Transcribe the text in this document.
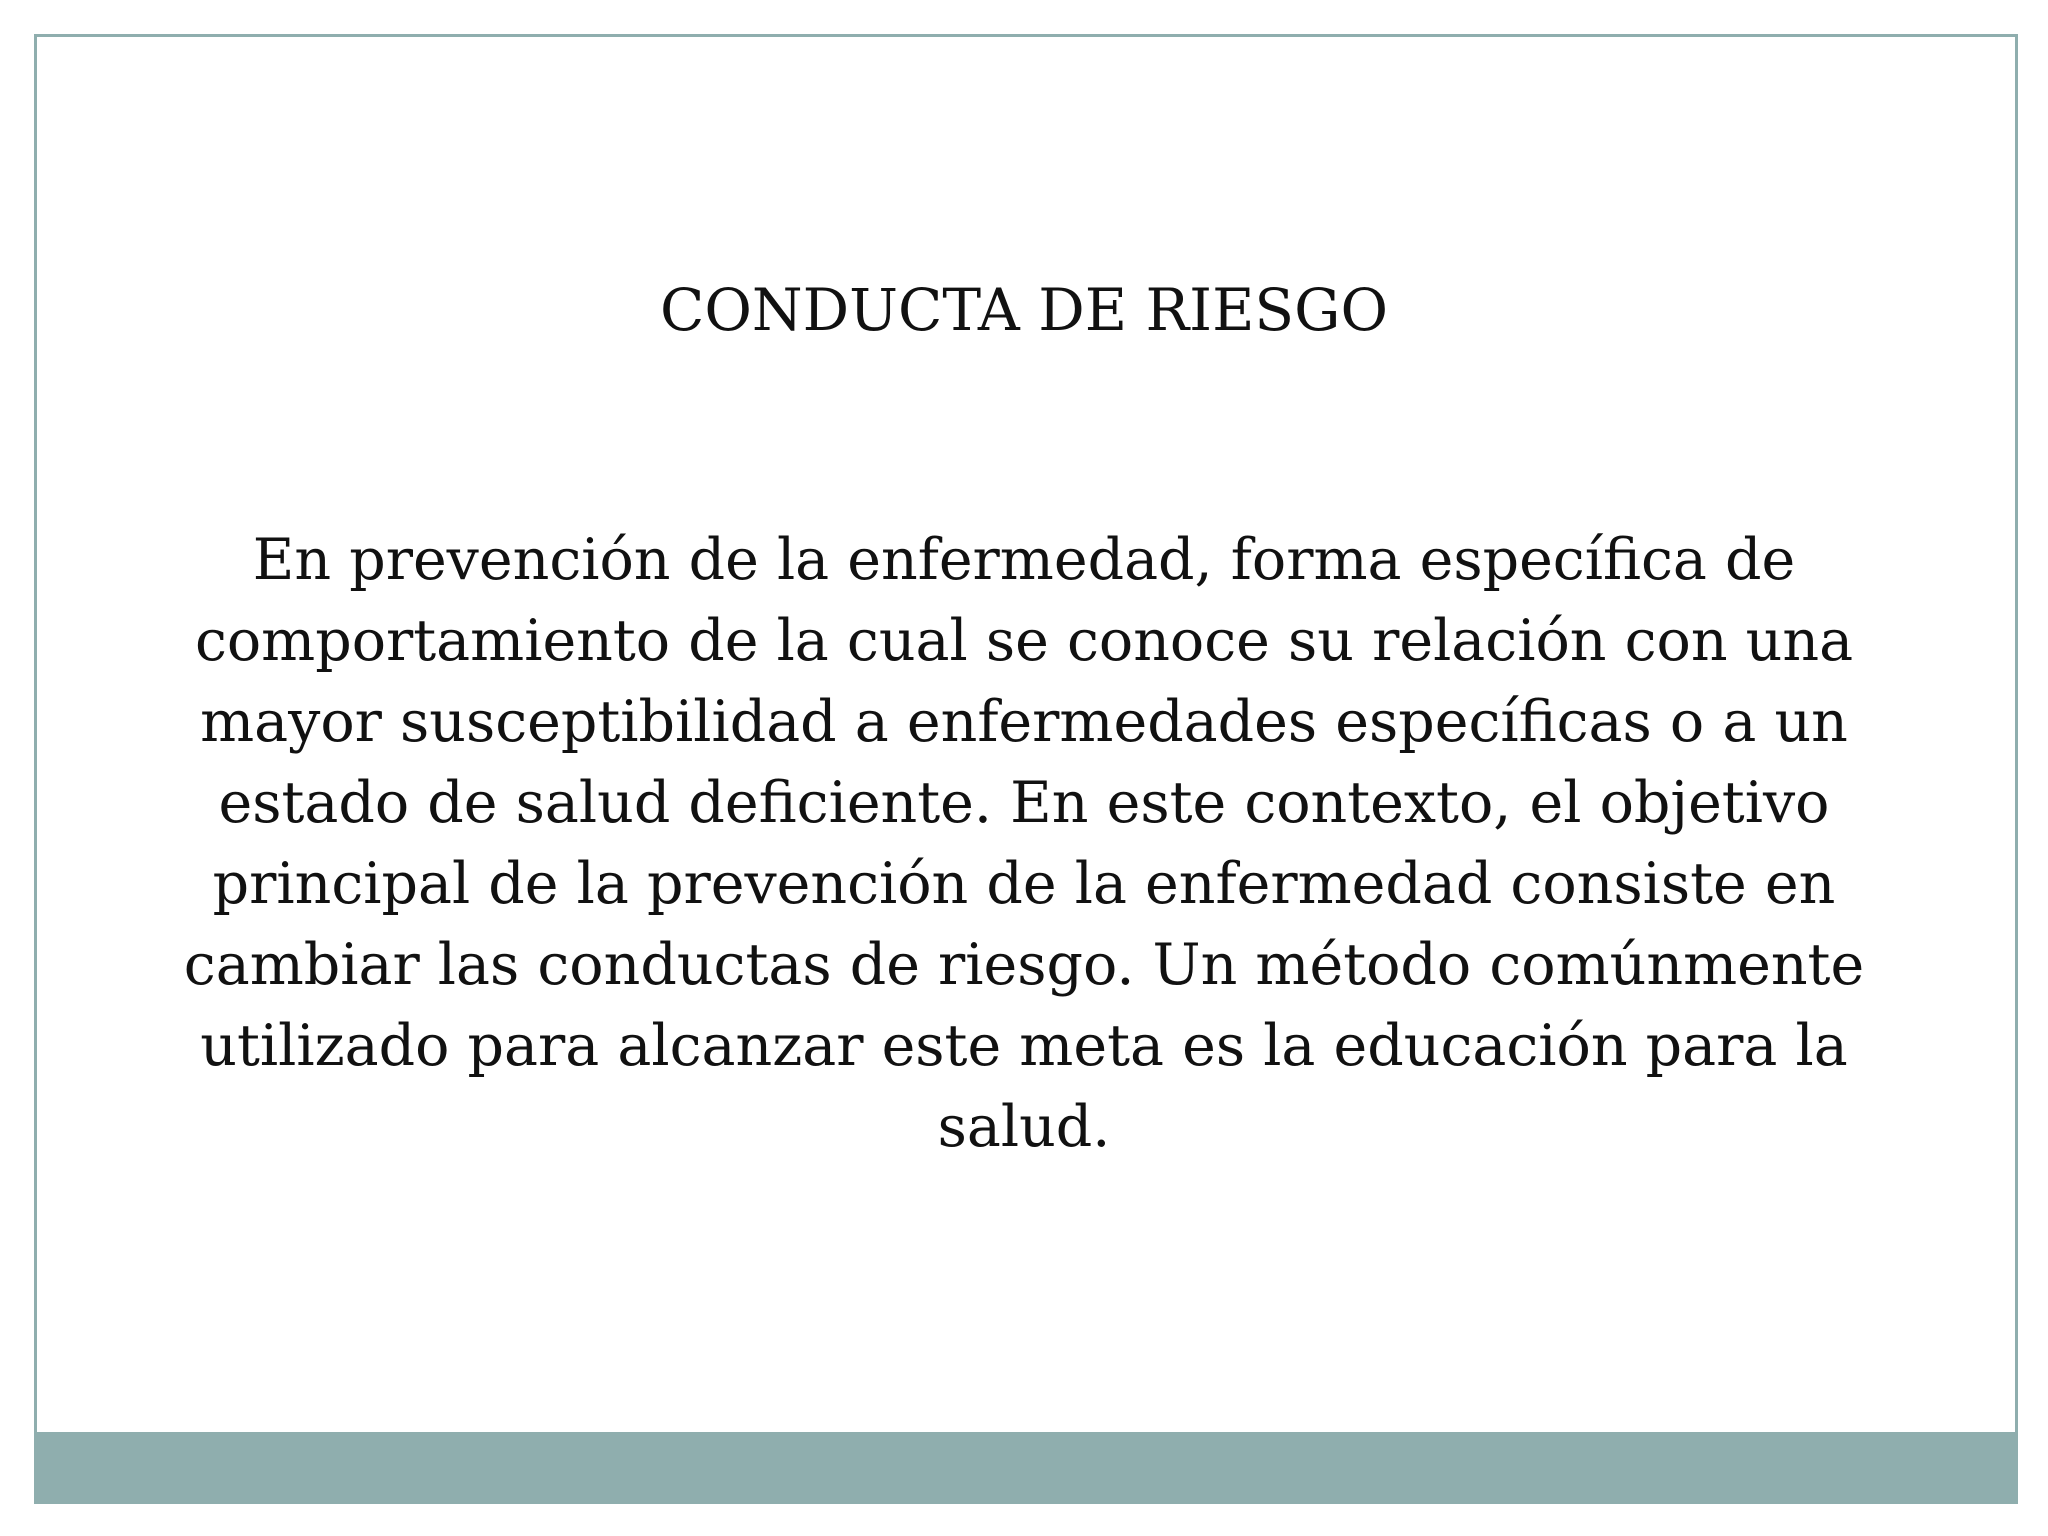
CONDUCTA DE RIESGO

En prevención de la enfermedad, forma específica de comportamiento de la cual se conoce su relación con una mayor susceptibilidad a enfermedades específicas o a un estado de salud deficiente. En este contexto, el objetivo principal de la prevención de la enfermedad consiste en cambiar las conductas de riesgo. Un método comúnmente utilizado para alcanzar este meta es la educación para la salud.
